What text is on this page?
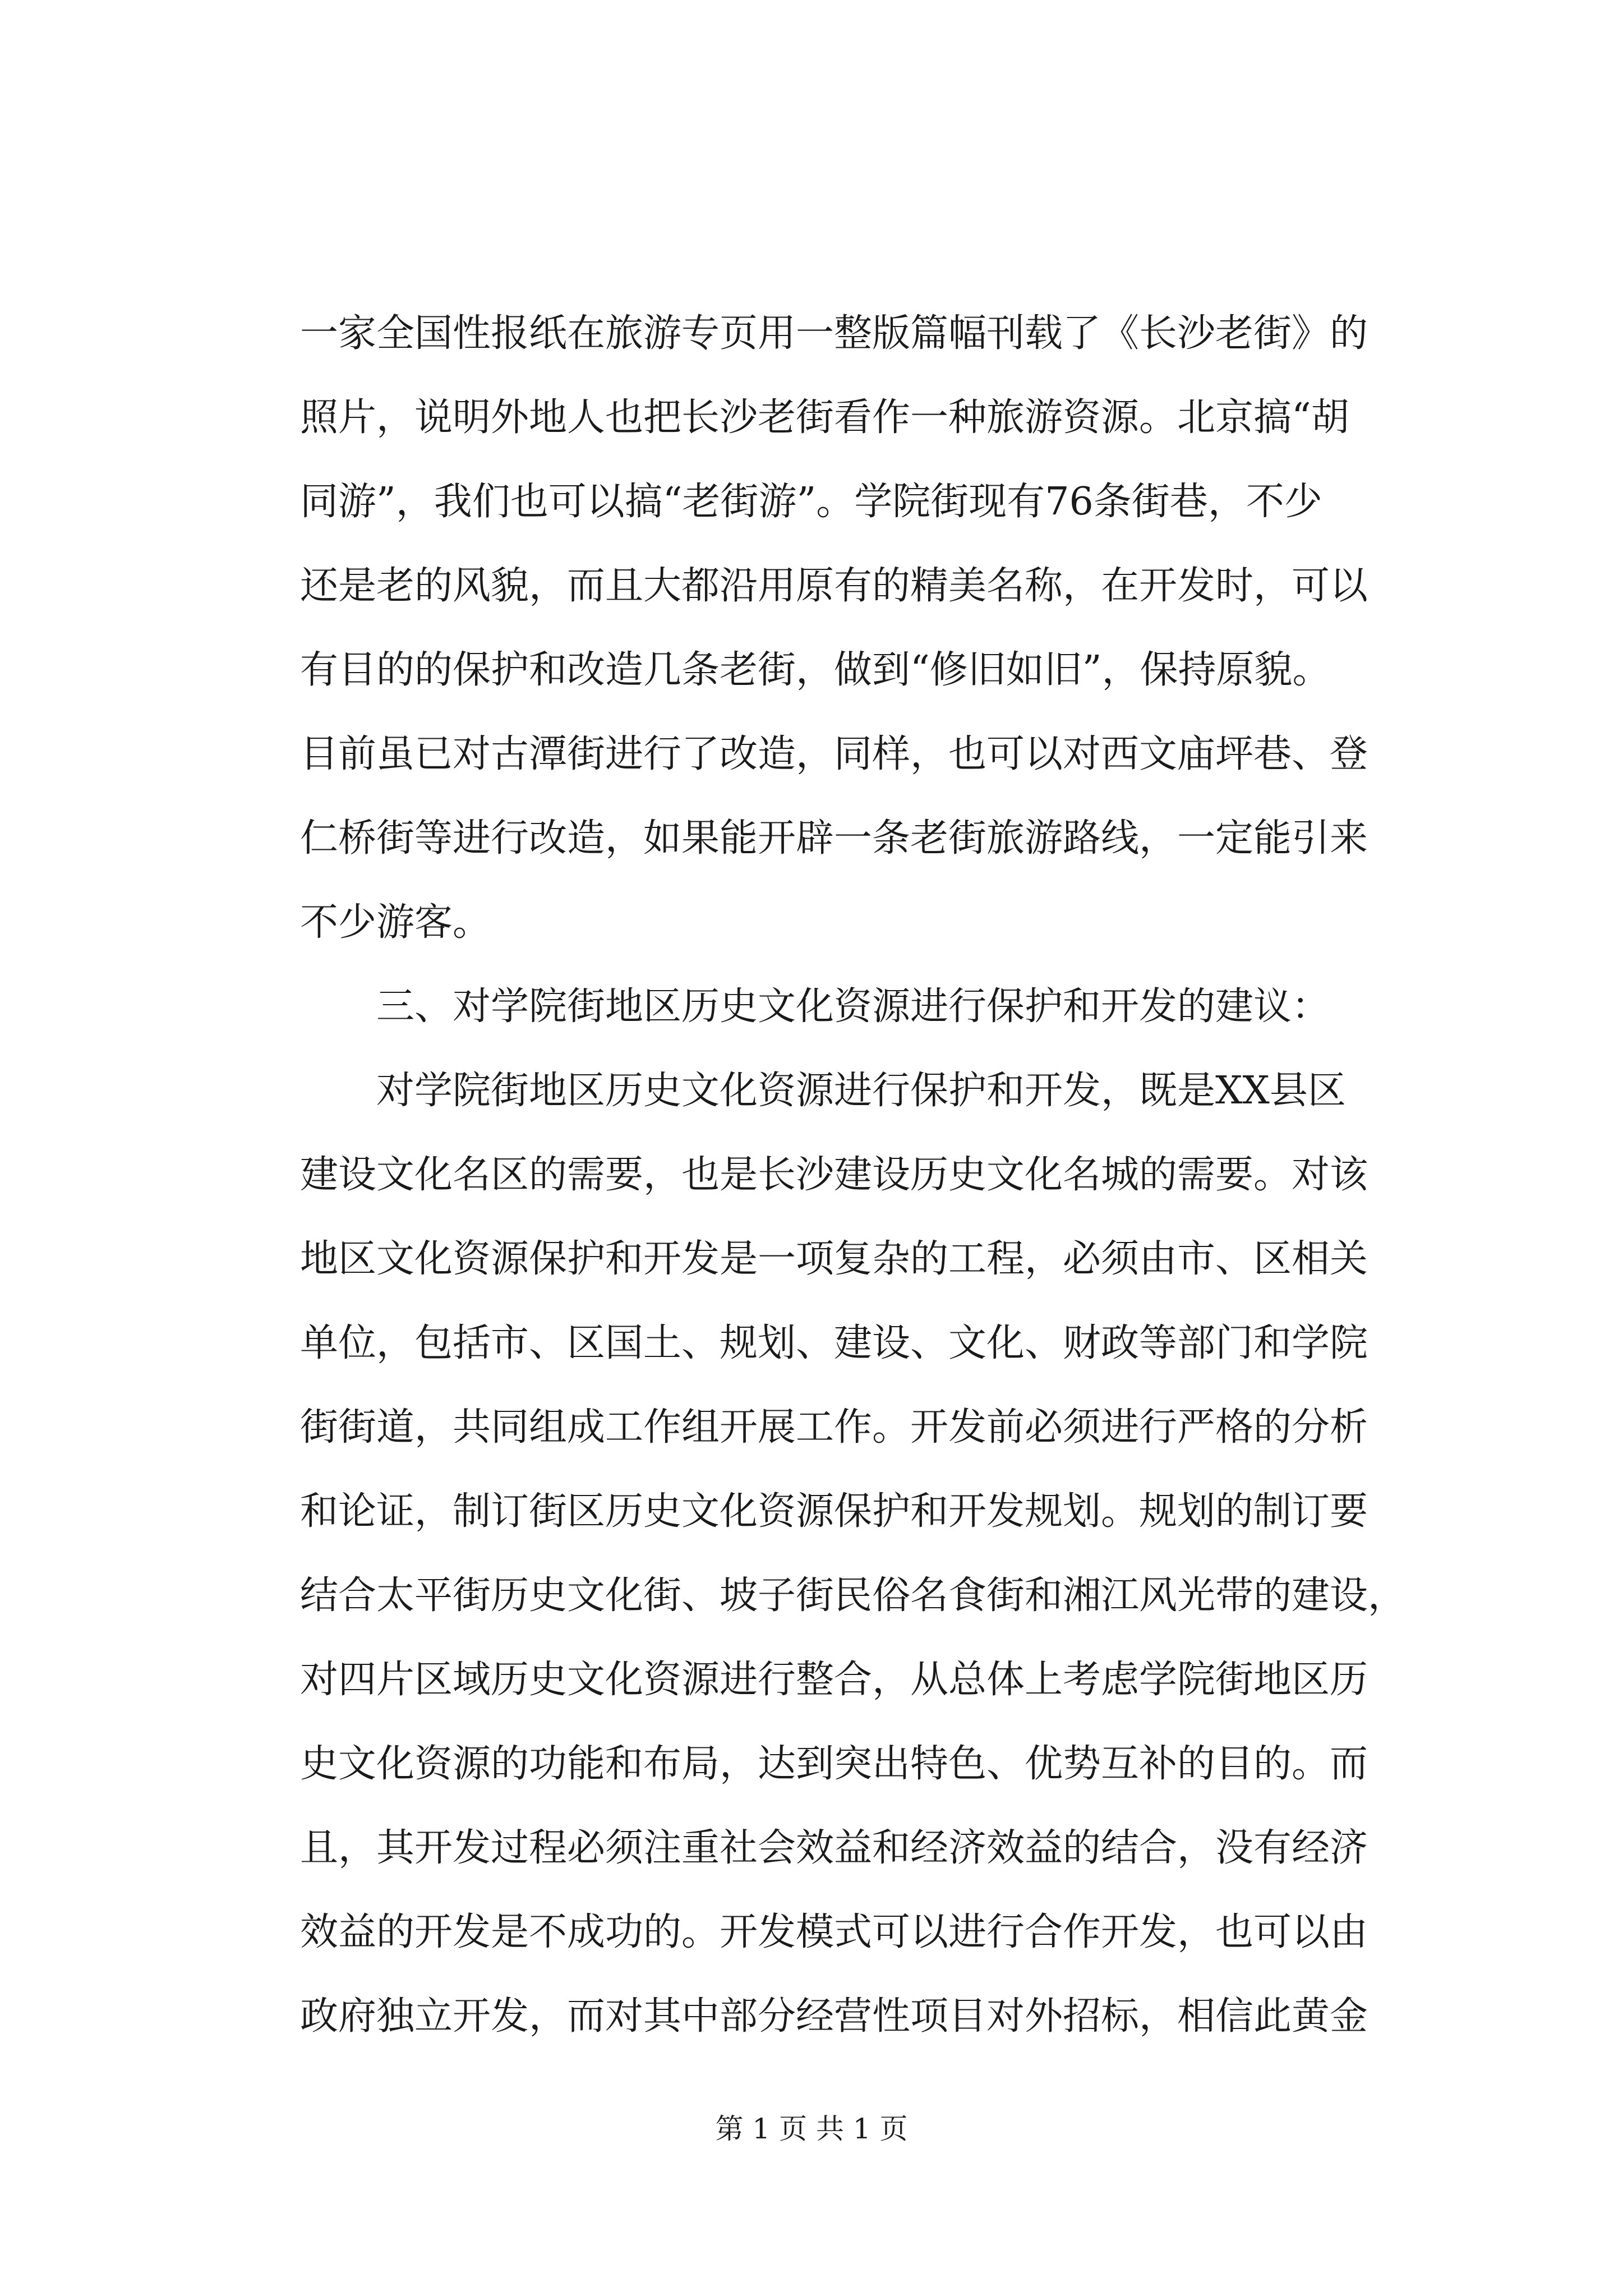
一家全国性报纸在旅游专页用一整版篇幅刊载了《长沙老街》的
照片，说明外地人也把长沙老街看作一种旅游资源。北京搞“胡
同游”，我们也可以搞“老街游”。学院街现有76条街巷，不少
还是老的风貌，而且大都沿用原有的精美名称，在开发时，可以
有目的的保护和改造几条老街，做到“修旧如旧”，保持原貌。
目前虽已对古潭街进行了改造，同样，也可以对西文庙坪巷、登
仁桥街等进行改造，如果能开辟一条老街旅游路线，一定能引来
不少游客。
三、对学院街地区历史文化资源进行保护和开发的建议：
对学院街地区历史文化资源进行保护和开发，既是XX县区
建设文化名区的需要，也是长沙建设历史文化名城的需要。对该
地区文化资源保护和开发是一项复杂的工程，必须由市、区相关
单位，包括市、区国土、规划、建设、文化、财政等部门和学院
街街道，共同组成工作组开展工作。开发前必须进行严格的分析
和论证，制订街区历史文化资源保护和开发规划。规划的制订要
结合太平街历史文化街、坡子街民俗名食街和湘江风光带的建设，
对四片区域历史文化资源进行整合，从总体上考虑学院街地区历
史文化资源的功能和布局，达到突出特色、优势互补的目的。而
且，其开发过程必须注重社会效益和经济效益的结合，没有经济
效益的开发是不成功的。开发模式可以进行合作开发，也可以由
政府独立开发，而对其中部分经营性项目对外招标，相信此黄金
第 1 页 共 1 页
